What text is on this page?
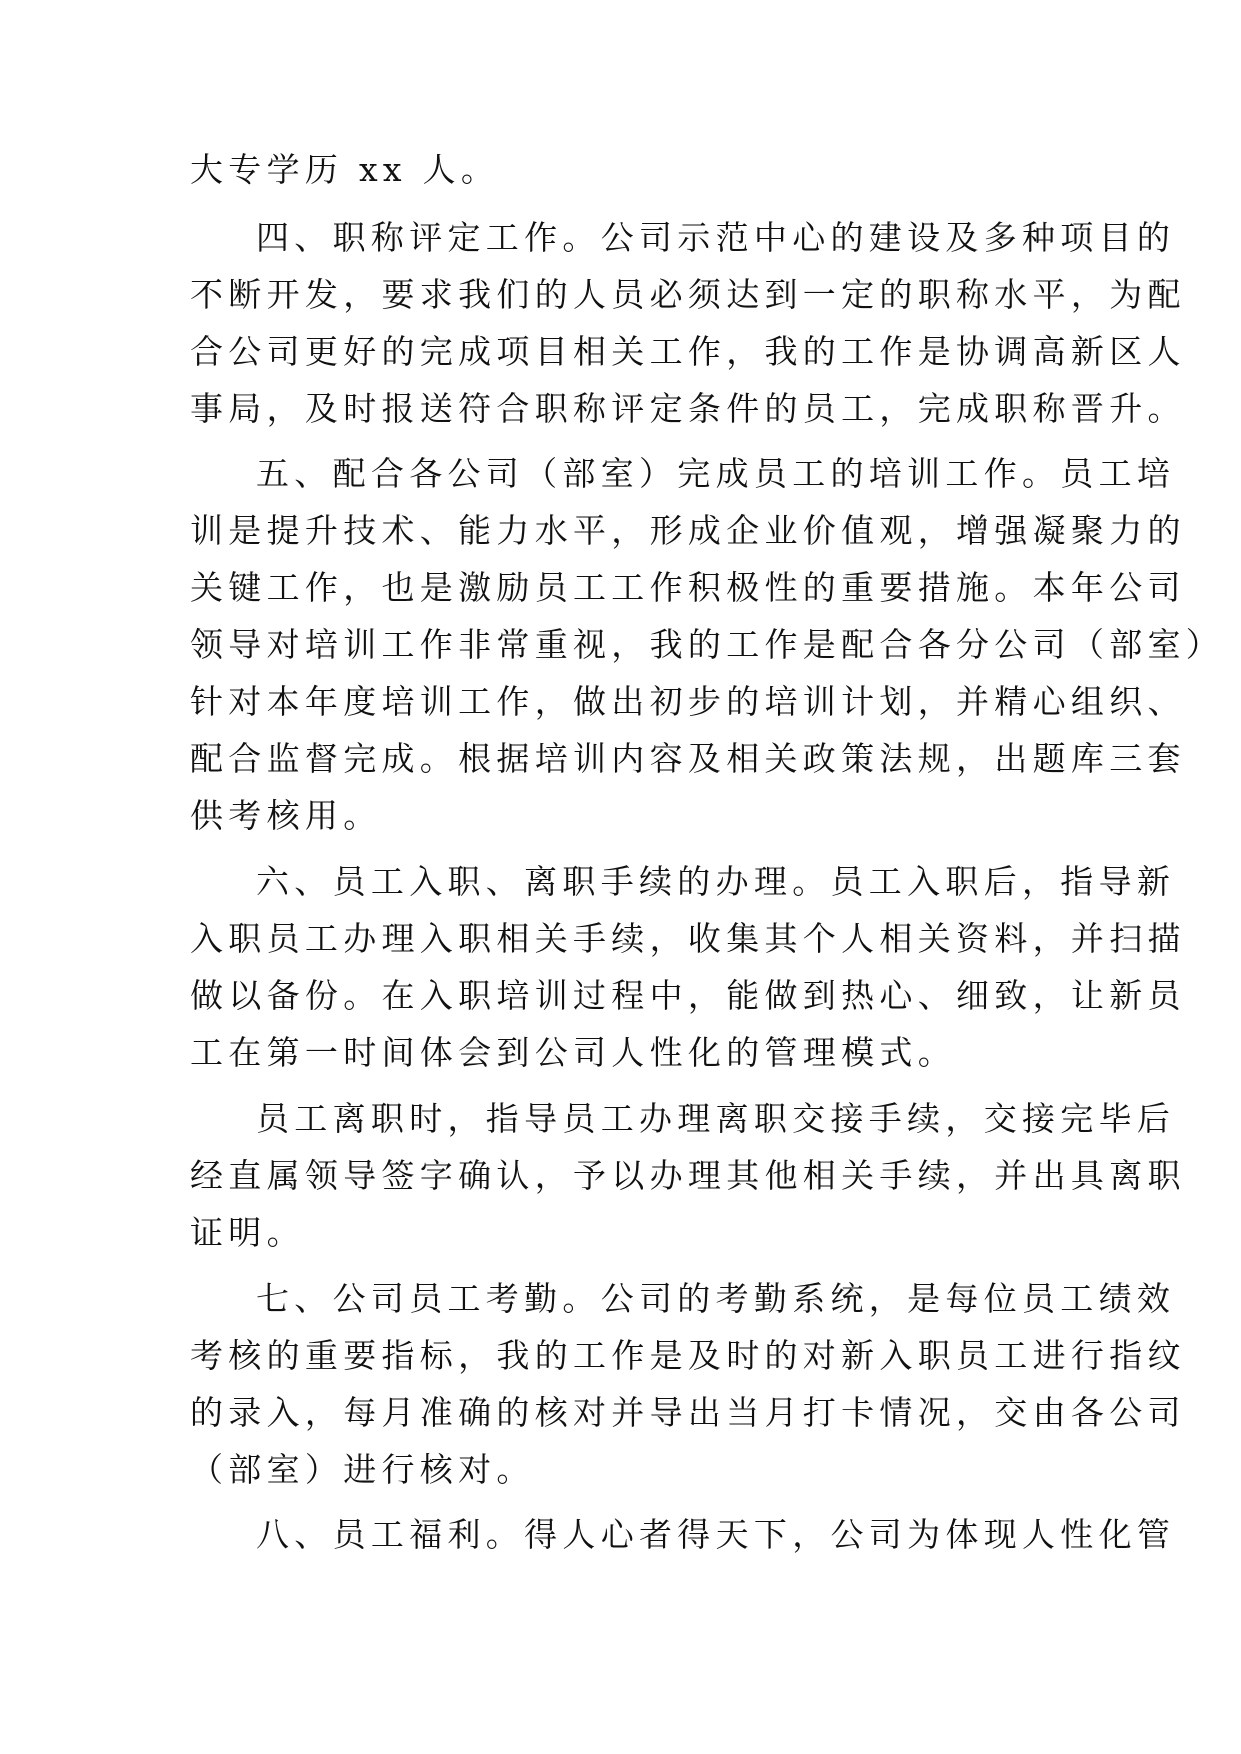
大专学历 xx 人。

四、职称评定工作。公司示范中心的建设及多种项目的

不断开发，要求我们的人员必须达到一定的职称水平，为配

合公司更好的完成项目相关工作，我的工作是协调高新区人

事局，及时报送符合职称评定条件的员工，完成职称晋升。

五、配合各公司（部室）完成员工的培训工作。员工培

训是提升技术、能力水平，形成企业价值观，增强凝聚力的

关键工作，也是激励员工工作积极性的重要措施。本年公司

领导对培训工作非常重视，我的工作是配合各分公司（部室）

针对本年度培训工作，做出初步的培训计划，并精心组织、

配合监督完成。根据培训内容及相关政策法规，出题库三套

供考核用。

六、员工入职、离职手续的办理。员工入职后，指导新

入职员工办理入职相关手续，收集其个人相关资料，并扫描

做以备份。在入职培训过程中，能做到热心、细致，让新员

工在第一时间体会到公司人性化的管理模式。

员工离职时，指导员工办理离职交接手续，交接完毕后

经直属领导签字确认，予以办理其他相关手续，并出具离职

证明。

七、公司员工考勤。公司的考勤系统，是每位员工绩效

考核的重要指标，我的工作是及时的对新入职员工进行指纹

的录入，每月准确的核对并导出当月打卡情况，交由各公司

（部室）进行核对。

八、员工福利。得人心者得天下，公司为体现人性化管
